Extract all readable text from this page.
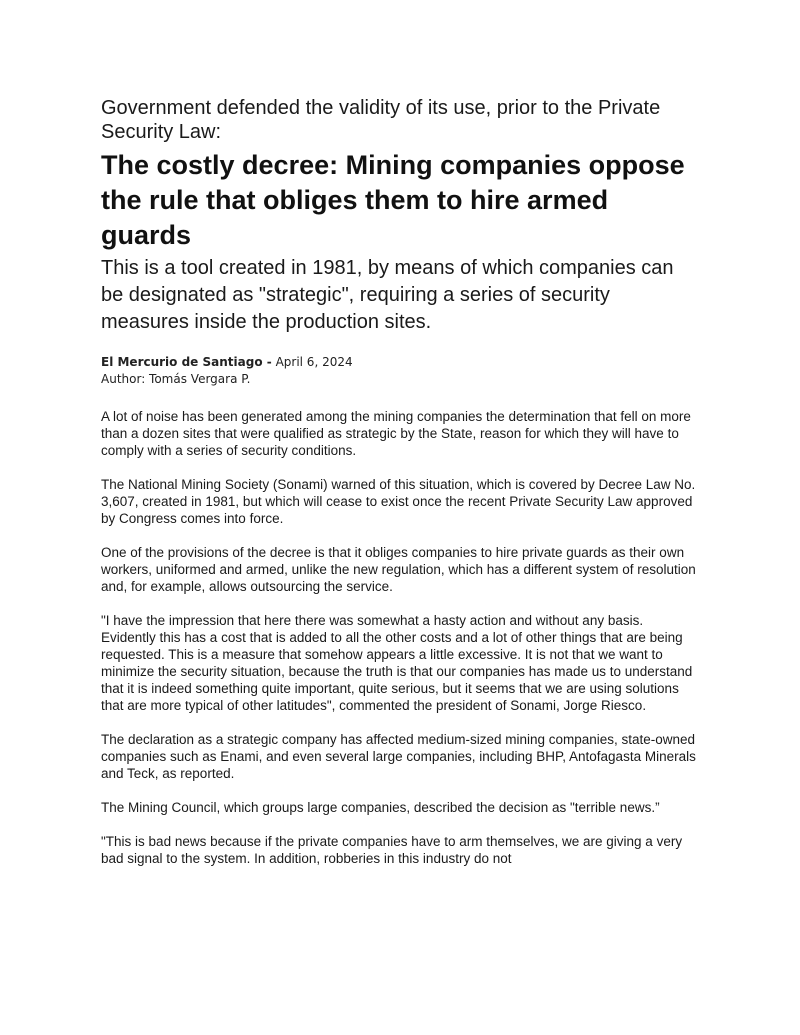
Government defended the validity of its use, prior to the Private Security Law:
The costly decree: Mining companies oppose the rule that obliges them to hire armed guards

This is a tool created in 1981, by means of which companies can be designated as "strategic", requiring a series of security measures inside the production sites.

El Mercurio de Santiago - April 6, 2024
Author: Tomás Vergara P.

A lot of noise has been generated among the mining companies the determination that fell on more than a dozen sites that were qualified as strategic by the State, reason for which they will have to comply with a series of security conditions.

The National Mining Society (Sonami) warned of this situation, which is covered by Decree Law No. 3,607, created in 1981, but which will cease to exist once the recent Private Security Law approved by Congress comes into force.

One of the provisions of the decree is that it obliges companies to hire private guards as their own workers, uniformed and armed, unlike the new regulation, which has a different system of resolution and, for example, allows outsourcing the service.

"I have the impression that here there was somewhat a hasty action and without any basis. Evidently this has a cost that is added to all the other costs and a lot of other things that are being requested. This is a measure that somehow appears a little excessive. It is not that we want to minimize the security situation, because the truth is that our companies has made us to understand that it is indeed something quite important, quite serious, but it seems that we are using solutions that are more typical of other latitudes", commented the president of Sonami, Jorge Riesco.

The declaration as a strategic company has affected medium-sized mining companies, state-owned companies such as Enami, and even several large companies, including BHP, Antofagasta Minerals and Teck, as reported.

The Mining Council, which groups large companies, described the decision as "terrible news.”

"This is bad news because if the private companies have to arm themselves, we are giving a very bad signal to the system. In addition, robberies in this industry do not
